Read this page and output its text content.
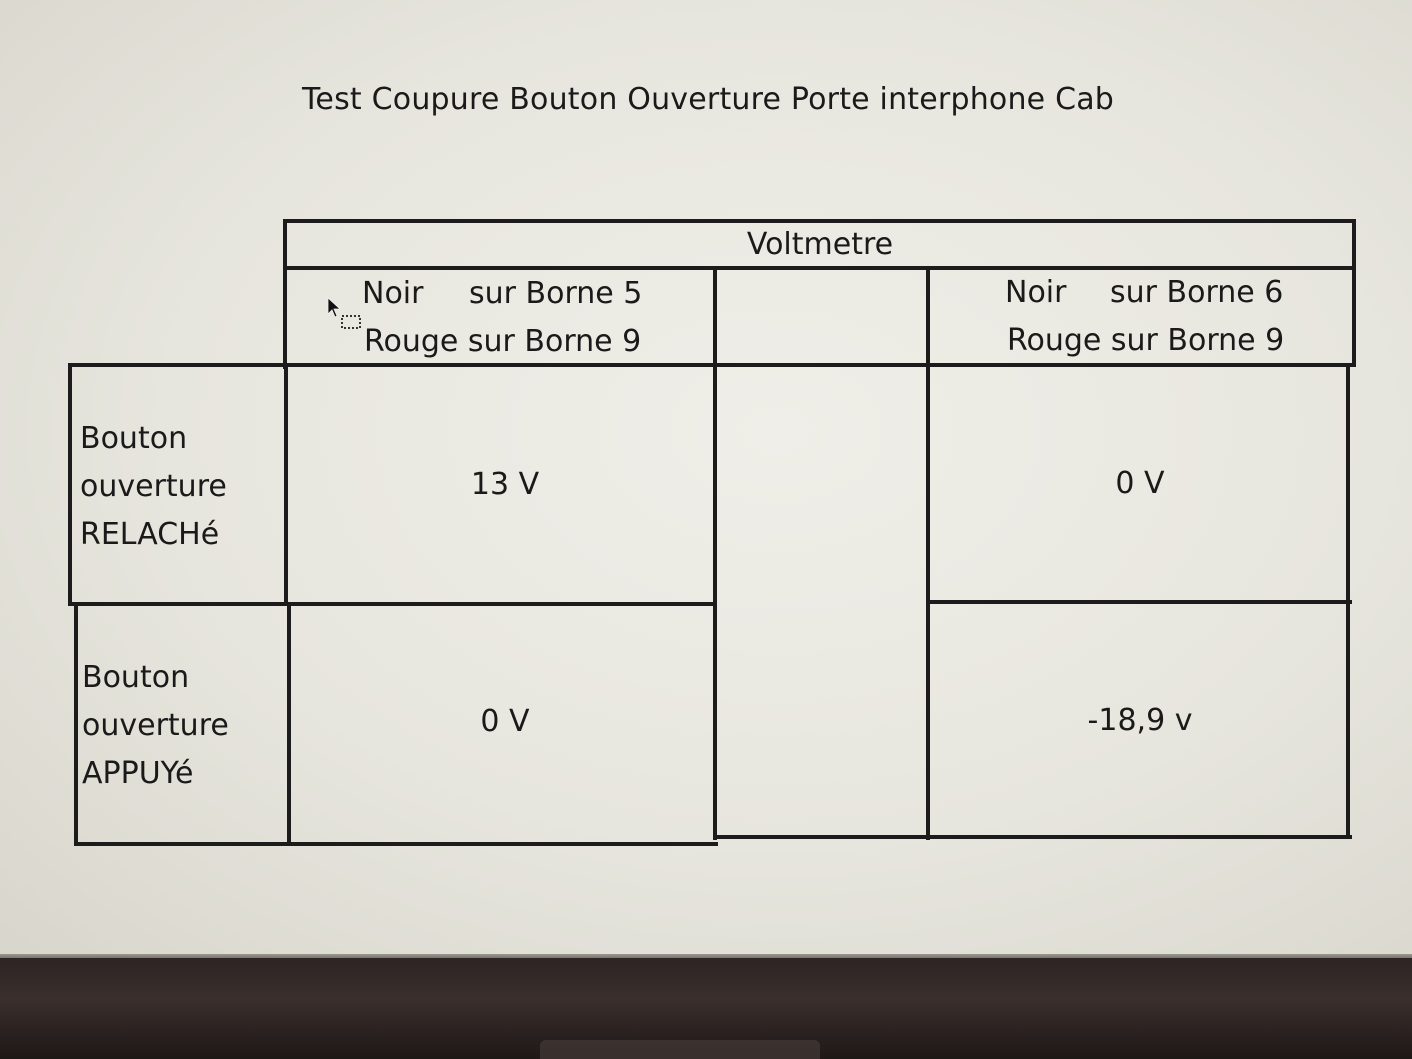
Test Coupure Bouton Ouverture Porte interphone Cab
Voltmetre
Noir sur Borne 5
Rouge sur Borne 9
Noir sur Borne 6
Rouge sur Borne 9
Bouton
ouverture
RELACHé
13 V	0 V
Bouton
ouverture
APPUYé
0 V	-18,9 v
